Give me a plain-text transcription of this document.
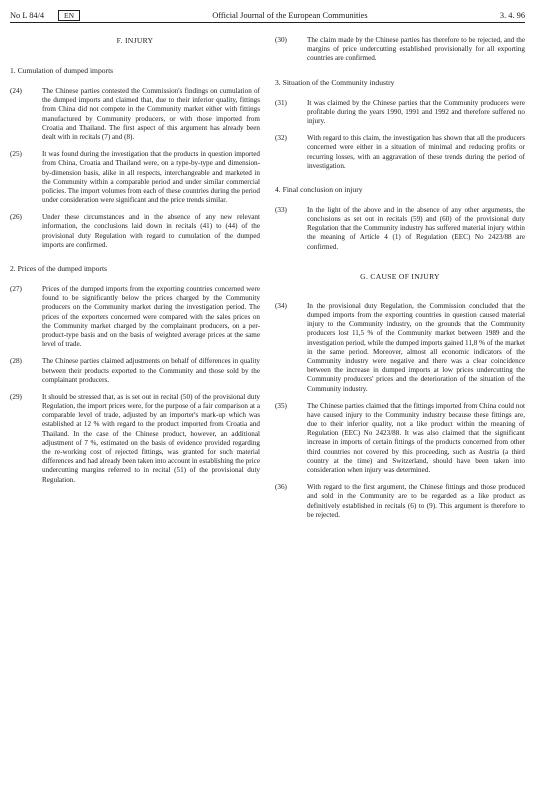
No L 84/4	EN	Official Journal of the European Communities	3. 4. 96
F. INJURY
1. Cumulation of dumped imports
(24)	The Chinese parties contested the Commission's findings on cumulation of the dumped imports and claimed that, due to their inferior quality, fittings from China did not compete in the Community market either with fittings manufactured by Community producers, or with those imported from Croatia and Thailand. The first aspect of this argument has already been dealt with in recitals (7) and (8).
(25)	It was found during the investigation that the products in question imported from China, Croatia and Thailand were, on a type-by-type and dimension-by-dimension basis, alike in all respects, interchangeable and marketed in the Community within a comparable period and under similar commercial policies. The import volumes from each of these countries during the period under consideration were significant and the price trends similar.
(26)	Under these circumstances and in the absence of any new relevant information, the conclusions laid down in recitals (41) to (44) of the provisional duty Regulation with regard to cumulation of the dumped imports are confirmed.
2. Prices of the dumped imports
(27)	Prices of the dumped imports from the exporting countries concerned were found to be significantly below the prices charged by the Community producers on the Community market during the investigation period. The prices of the exporters concerned were compared with the sales prices on the Community market charged by the complainant producers, on a per-product-type basis and on the basis of weighted average prices at the same level of trade.
(28)	The Chinese parties claimed adjustments on behalf of differences in quality between their products exported to the Community and those sold by the complainant producers.
(29)	It should be stressed that, as is set out in recital (50) of the provisional duty Regulation, the import prices were, for the purpose of a fair comparison at a comparable level of trade, adjusted by an importer's mark-up which was established at 12 % with regard to the product imported from Croatia and Thailand. In the case of the Chinese product, however, an additional adjustment of 7 %, estimated on the basis of evidence provided regarding the re-working cost of rejected fittings, was granted for such material differences and had already been taken into account in establishing the price undercutting margins referred to in recital (51) of the provisional duty Regulation.
(30)	The claim made by the Chinese parties has therefore to be rejected, and the margins of price undercutting established provisionally for all exporting countries are confirmed.
3. Situation of the Community industry
(31)	It was claimed by the Chinese parties that the Community producers were profitable during the years 1990, 1991 and 1992 and therefore suffered no injury.
(32)	With regard to this claim, the investigation has shown that all the producers concerned were either in a situation of minimal and reducing profits or recurring losses, with an aggravation of these trends during the period of investigation.
4. Final conclusion on injury
(33)	In the light of the above and in the absence of any other arguments, the conclusions as set out in recitals (59) and (60) of the provisional duty Regulation that the Community industry has suffered material injury within the meaning of Article 4 (1) of Regulation (EEC) No 2423/88 are confirmed.
G. CAUSE OF INJURY
(34)	In the provisional duty Regulation, the Commission concluded that the dumped imports from the exporting countries in question caused material injury to the Community industry, on the grounds that the Community producers lost 11,5 % of the Community market between 1989 and the investigation period, while the dumped imports gained 11,8 % of the market in the same period. Moreover, almost all economic indicators of the Community industry were negative and there was a clear coincidence between the increase in dumped imports at low prices undercutting the Community producers' prices and the deterioration of the situation of the Community industry.
(35)	The Chinese parties claimed that the fittings imported from China could not have caused injury to the Community industry because these fittings are, due to their inferior quality, not a like product within the meaning of Regulation (EEC) No 2423/88. It was also claimed that the significant increase in imports of certain fittings of the products concerned from other third countries not covered by this proceeding, such as Austria (a third country at the time) and Switzerland, should have been taken into consideration when injury was determined.
(36)	With regard to the first argument, the Chinese fittings and those produced and sold in the Community are to be regarded as a like product as definitively established in recitals (6) to (9). This argument is therefore to be rejected.
